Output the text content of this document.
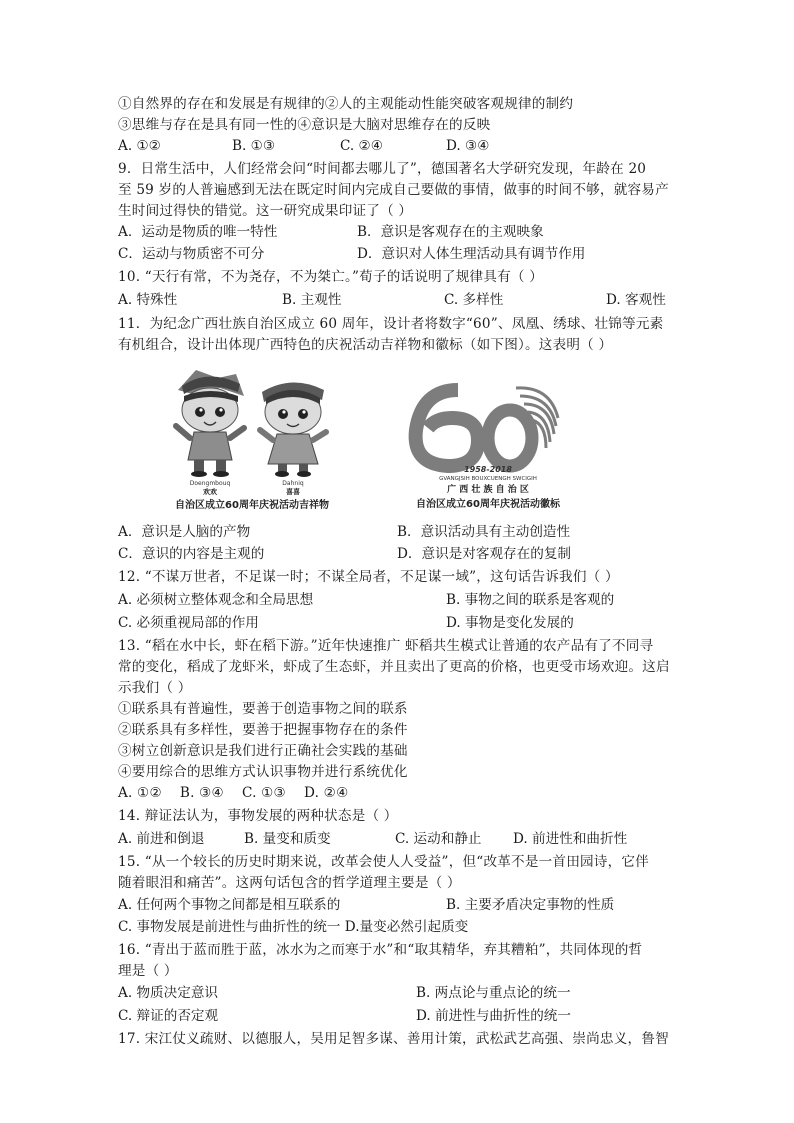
①自然界的存在和发展是有规律的②人的主观能动性能突破客观规律的制约
③思维与存在是具有同一性的④意识是大脑对思维存在的反映
A. ①②	B. ①③	C. ②④	D. ③④
9．日常生活中，人们经常会问“时间都去哪儿了”，德国著名大学研究发现，年龄在 20
至 59 岁的人普遍感到无法在既定时间内完成自己要做的事情，做事的时间不够，就容易产
生时间过得快的错觉。这一研究成果印证了（ ）
A．运动是物质的唯一特性	B．意识是客观存在的主观映象
C．运动与物质密不可分	D．意识对人体生理活动具有调节作用
10. “天行有常，不为尧存，不为桀亡。”荀子的话说明了规律具有（ ）
A. 特殊性	B. 主观性	C. 多样性	D. 客观性
11．为纪念广西壮族自治区成立 60 周年，设计者将数字“60”、凤凰、绣球、壮锦等元素
有机组合，设计出体现广西特色的庆祝活动吉祥物和徽标（如下图）。这表明（ ）
Doengmbouq
欢欢
Dahniq
喜喜
自治区成立60周年庆祝活动吉祥物
1958-2018
GVANGJSIH BOUXCUENGH SWCIGIH
广 西 壮 族 自 治 区
自治区成立60周年庆祝活动徽标
A．意识是人脑的产物	B．意识活动具有主动创造性
C．意识的内容是主观的	D．意识是对客观存在的复制
12. “不谋万世者，不足谋一时；不谋全局者，不足谋一域”，这句话告诉我们（ ）
A. 必须树立整体观念和全局思想	B. 事物之间的联系是客观的
C. 必须重视局部的作用	D. 事物是变化发展的
13. “稻在水中长，虾在稻下游。”近年快速推广 虾稻共生模式让普通的农产品有了不同寻
常的变化，稻成了龙虾米，虾成了生态虾，并且卖出了更高的价格，也更受市场欢迎。这启
示我们（ ）
①联系具有普遍性，要善于创造事物之间的联系
②联系具有多样性，要善于把握事物存在的条件
③树立创新意识是我们进行正确社会实践的基础
④要用综合的思维方式认识事物并进行系统优化
A. ①②    B. ③④    C. ①③    D. ②④
14. 辩证法认为，事物发展的两种状态是（ ）
A. 前进和倒退	B. 量变和质变	C. 运动和静止 D. 前进性和曲折性
15. “从一个较长的历史时期来说，改革会使人人受益”，但“改革不是一首田园诗，它伴
随着眼泪和痛苦”。这两句话包含的哲学道理主要是（ ）
A. 任何两个事物之间都是相互联系的	B. 主要矛盾决定事物的性质
C. 事物发展是前进性与曲折性的统一 D.量变必然引起质变
16. “青出于蓝而胜于蓝，冰水为之而寒于水”和“取其精华，弃其糟粕”，共同体现的哲
理是（ ）
A. 物质决定意识	B. 两点论与重点论的统一
C. 辩证的否定观	D. 前进性与曲折性的统一
17. 宋江仗义疏财、以德服人，吴用足智多谋、善用计策，武松武艺高强、崇尚忠义，鲁智
